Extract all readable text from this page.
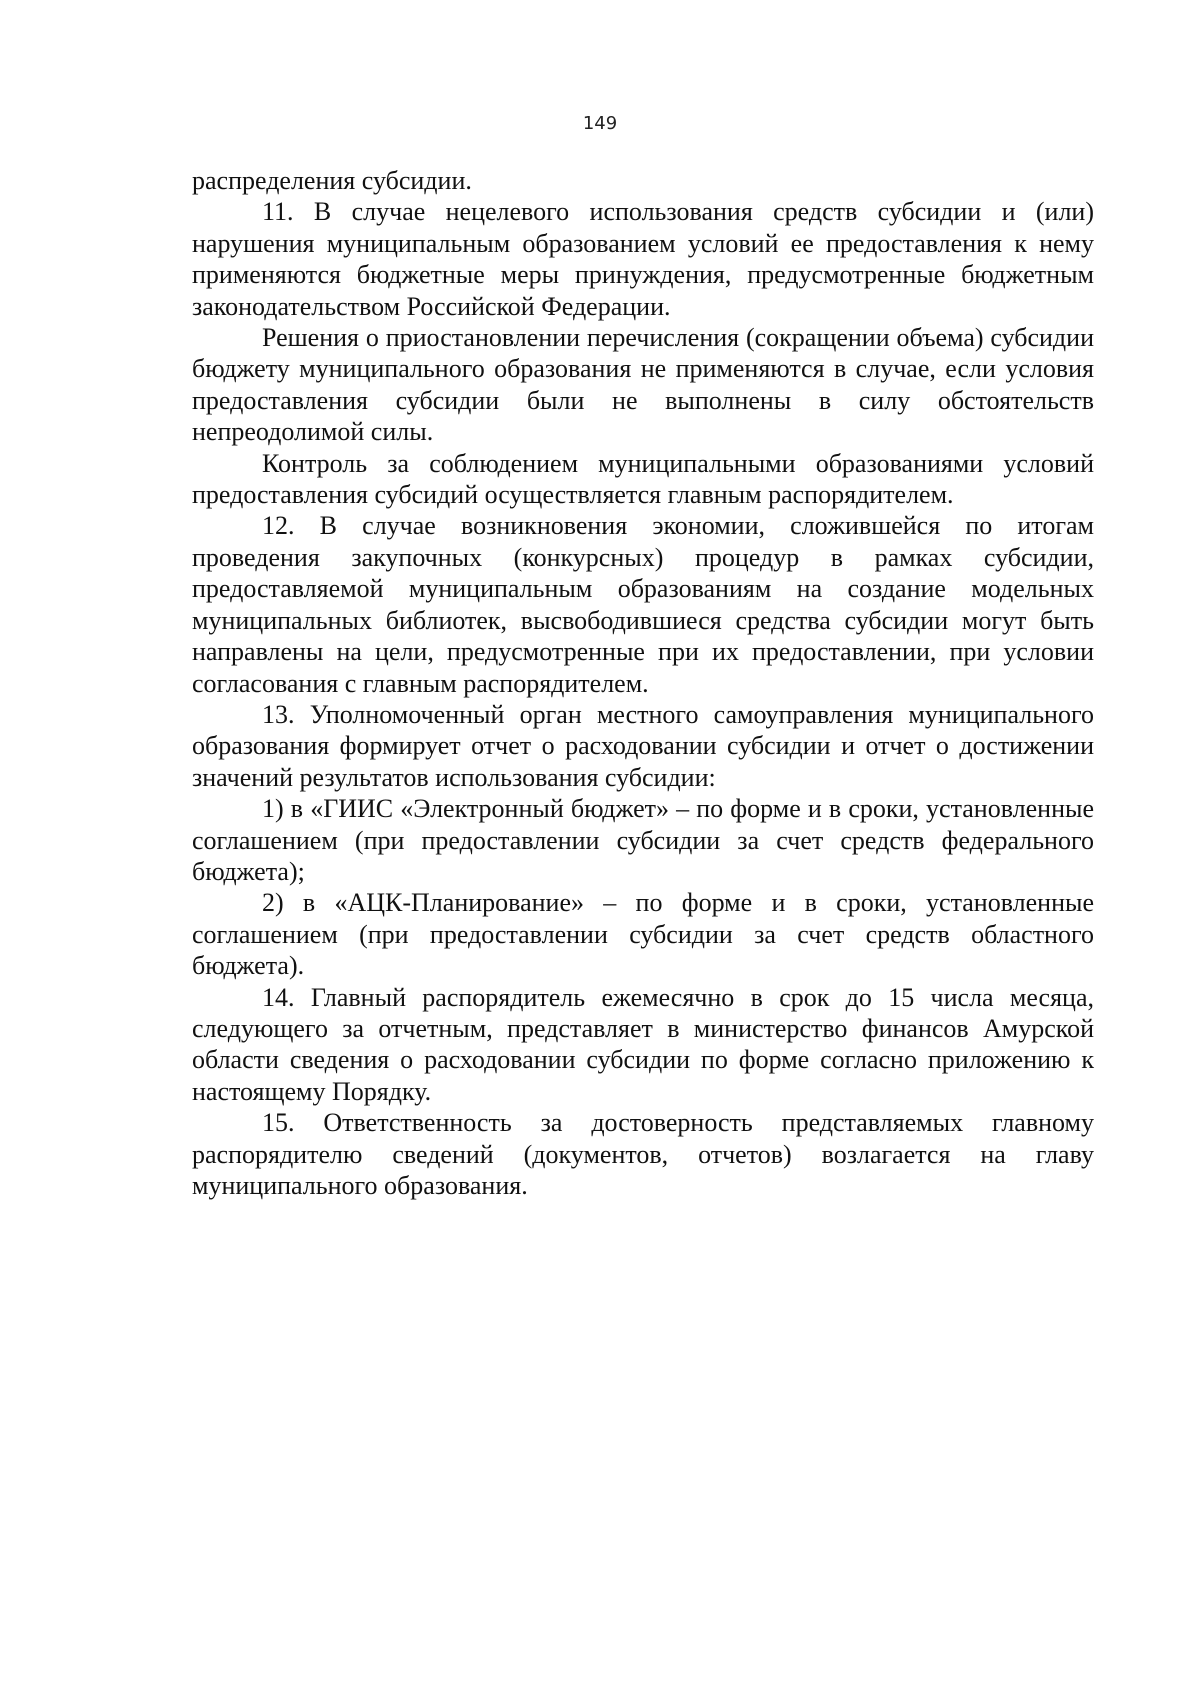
149

распределения субсидии.

11. В случае нецелевого использования средств субсидии и (или) нарушения муниципальным образованием условий ее предоставления к нему применяются бюджетные меры принуждения, предусмотренные бюджетным законодательством Российской Федерации.

Решения о приостановлении перечисления (сокращении объема) субсидии бюджету муниципального образования не применяются в случае, если условия предоставления субсидии были не выполнены в силу обстоятельств непреодолимой силы.

Контроль за соблюдением муниципальными образованиями условий предоставления субсидий осуществляется главным распорядителем.

12. В случае возникновения экономии, сложившейся по итогам проведения закупочных (конкурсных) процедур в рамках субсидии, предоставляемой муниципальным образованиям на создание модельных муниципальных библиотек, высвободившиеся средства субсидии могут быть направлены на цели, предусмотренные при их предоставлении, при условии согласования с главным распорядителем.

13. Уполномоченный орган местного самоуправления муниципального образования формирует отчет о расходовании субсидии и отчет о достижении значений результатов использования субсидии:

1) в «ГИИС «Электронный бюджет» – по форме и в сроки, установленные соглашением (при предоставлении субсидии за счет средств федерального бюджета);

2) в «АЦК-Планирование» – по форме и в сроки, установленные соглашением (при предоставлении субсидии за счет средств областного бюджета).

14. Главный распорядитель ежемесячно в срок до 15 числа месяца, следующего за отчетным, представляет в министерство финансов Амурской области сведения о расходовании субсидии по форме согласно приложению к настоящему Порядку.

15. Ответственность за достоверность представляемых главному распорядителю сведений (документов, отчетов) возлагается на главу муниципального образования.
